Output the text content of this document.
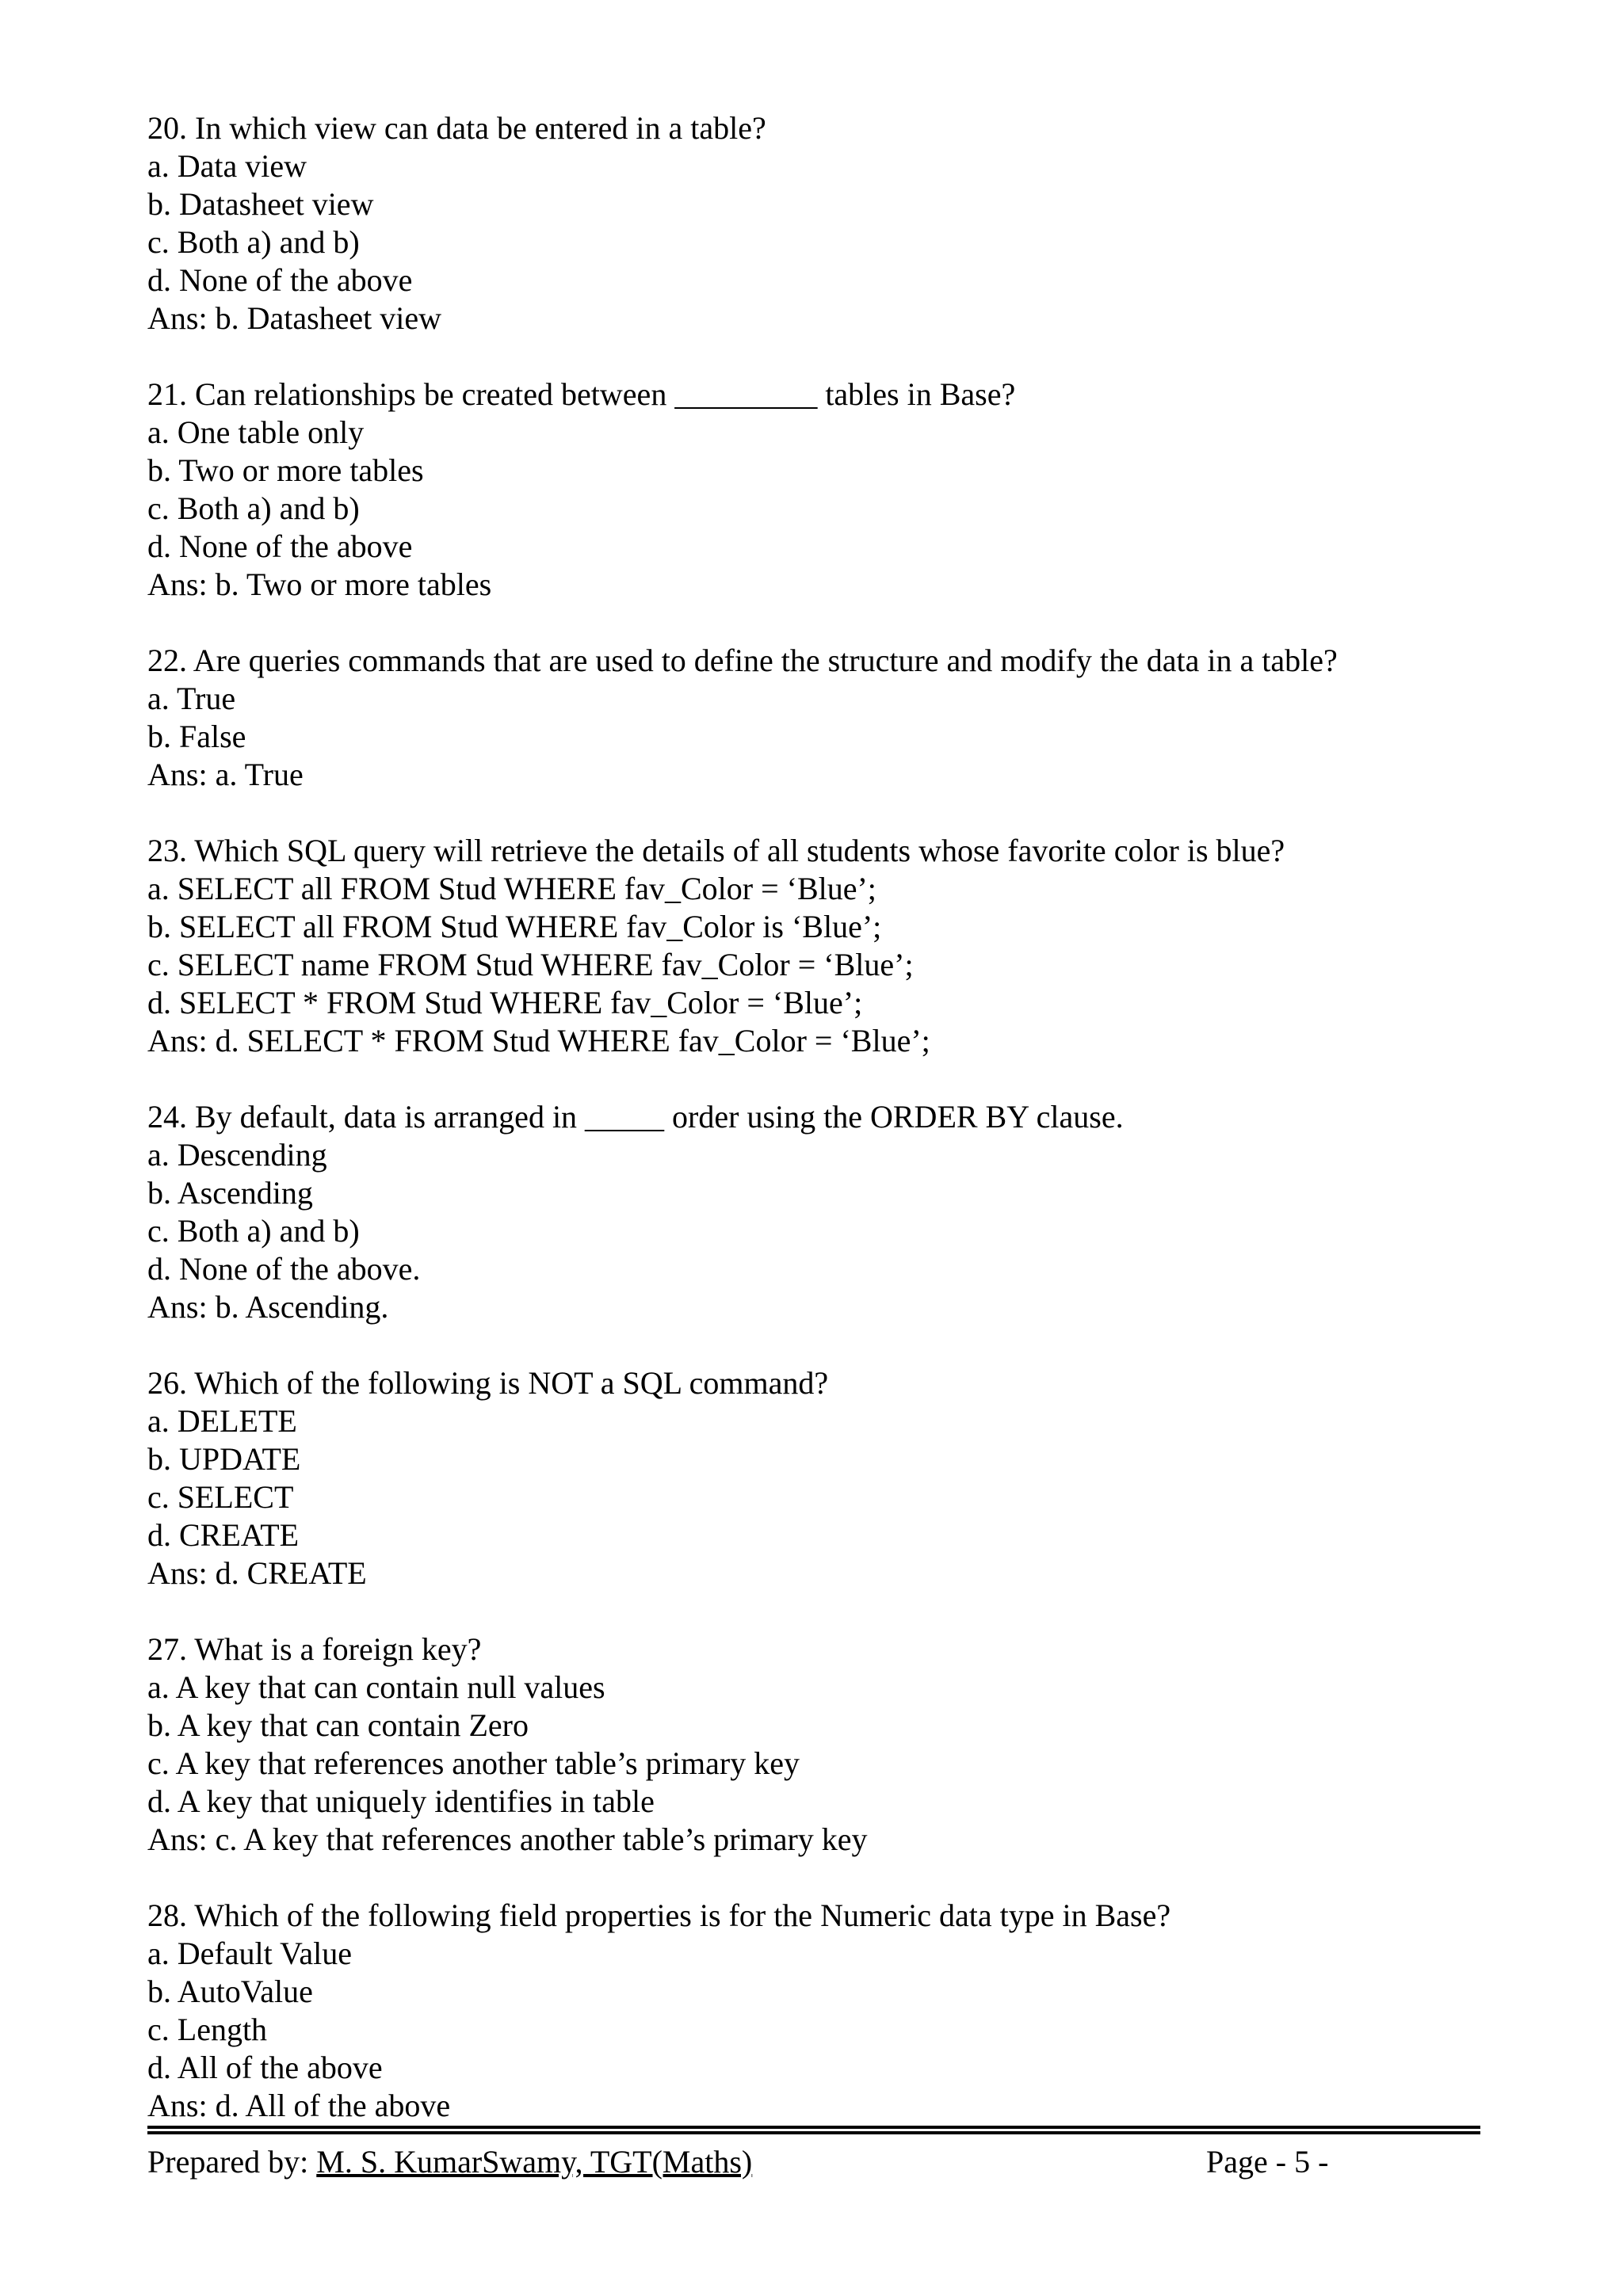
20. In which view can data be entered in a table?
a. Data view
b. Datasheet view
c. Both a) and b)
d. None of the above
Ans: b. Datasheet view
21. Can relationships be created between _________ tables in Base?
a. One table only
b. Two or more tables
c. Both a) and b)
d. None of the above
Ans: b. Two or more tables
22. Are queries commands that are used to define the structure and modify the data in a table?
a. True
b. False
Ans: a. True
23. Which SQL query will retrieve the details of all students whose favorite color is blue?
a. SELECT all FROM Stud WHERE fav_Color = ‘Blue’;
b. SELECT all FROM Stud WHERE fav_Color is ‘Blue’;
c. SELECT name FROM Stud WHERE fav_Color = ‘Blue’;
d. SELECT * FROM Stud WHERE fav_Color = ‘Blue’;
Ans: d. SELECT * FROM Stud WHERE fav_Color = ‘Blue’;
24. By default, data is arranged in _____ order using the ORDER BY clause.
a. Descending
b. Ascending
c. Both a) and b)
d. None of the above.
Ans: b. Ascending.
26. Which of the following is NOT a SQL command?
a. DELETE
b. UPDATE
c. SELECT
d. CREATE
Ans: d. CREATE
27. What is a foreign key?
a. A key that can contain null values
b. A key that can contain Zero
c. A key that references another table’s primary key
d. A key that uniquely identifies in table
Ans: c. A key that references another table’s primary key
28. Which of the following field properties is for the Numeric data type in Base?
a. Default Value
b. AutoValue
c. Length
d. All of the above
Ans: d. All of the above
Prepared by: M. S. KumarSwamy, TGT(Maths)	Page - 5 -
